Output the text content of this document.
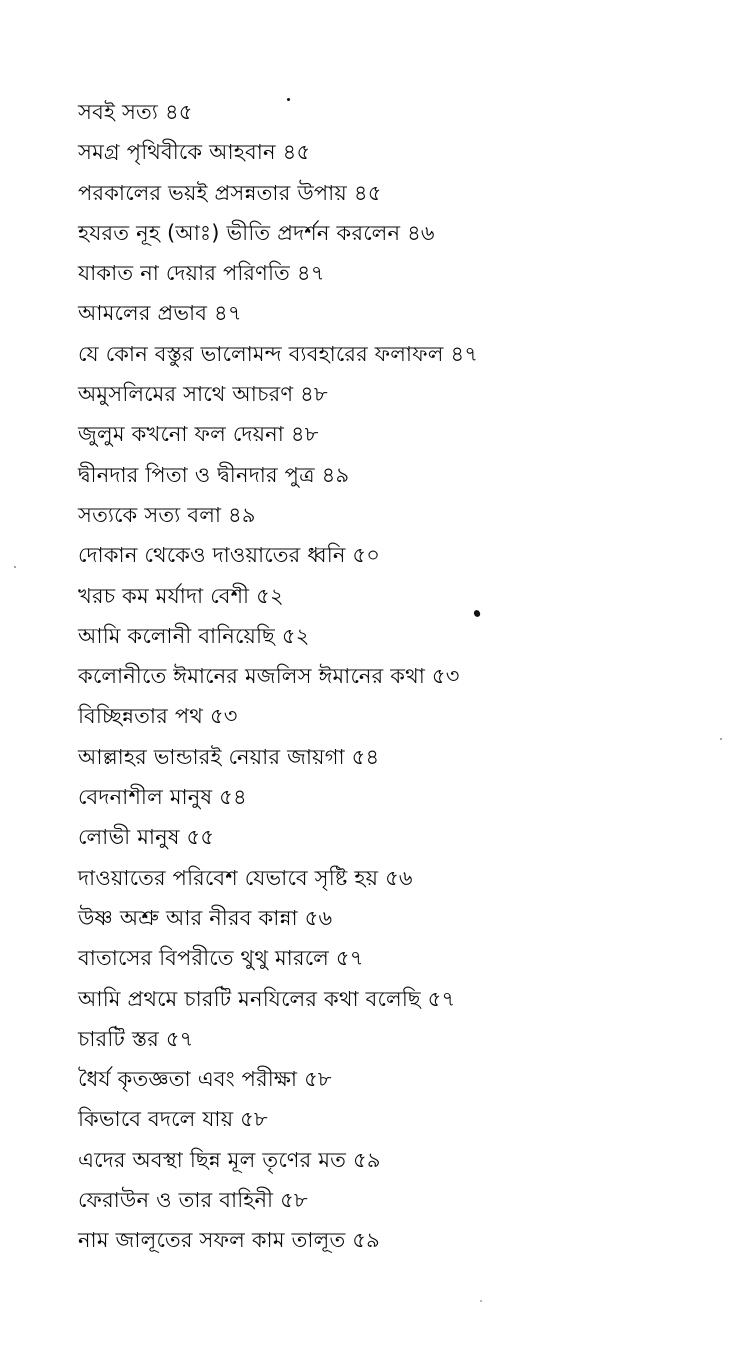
সবই সত্য ৪৫
সমগ্র পৃথিবীকে আহবান ৪৫
পরকালের ভয়ই প্রসন্নতার উপায় ৪৫
হযরত নূহ (আঃ) ভীতি প্রদর্শন করলেন ৪৬
যাকাত না দেয়ার পরিণতি ৪৭
আমলের প্রভাব ৪৭
যে কোন বস্তুর ভালোমন্দ ব্যবহারের ফলাফল ৪৭
অমুসলিমের সাথে আচরণ ৪৮
জুলুম কখনো ফল দেয়না ৪৮
দ্বীনদার পিতা ও দ্বীনদার পুত্র ৪৯
সত্যকে সত্য বলা ৪৯
দোকান থেকেও দাওয়াতের ধ্বনি ৫০
খরচ কম মর্যাদা বেশী ৫২
আমি কলোনী বানিয়েছি ৫২
কলোনীতে ঈমানের মজলিস ঈমানের কথা ৫৩
বিচ্ছিন্নতার পথ ৫৩
আল্লাহর ভান্ডারই নেয়ার জায়গা ৫৪
বেদনাশীল মানুষ ৫৪
লোভী মানুষ ৫৫
দাওয়াতের পরিবেশ যেভাবে সৃষ্টি হয় ৫৬
উষ্ণ অশ্রু আর নীরব কান্না ৫৬
বাতাসের বিপরীতে থুথু মারলে ৫৭
আমি প্রথমে চারটি মনযিলের কথা বলেছি ৫৭
চারটি স্তর ৫৭
ধৈর্য কৃতজ্ঞতা এবং পরীক্ষা ৫৮
কিভাবে বদলে যায় ৫৮
এদের অবস্থা ছিন্ন মূল তৃণের মত ৫৯
ফেরাউন ও তার বাহিনী ৫৮
নাম জালূতের সফল কাম তালূত ৫৯
